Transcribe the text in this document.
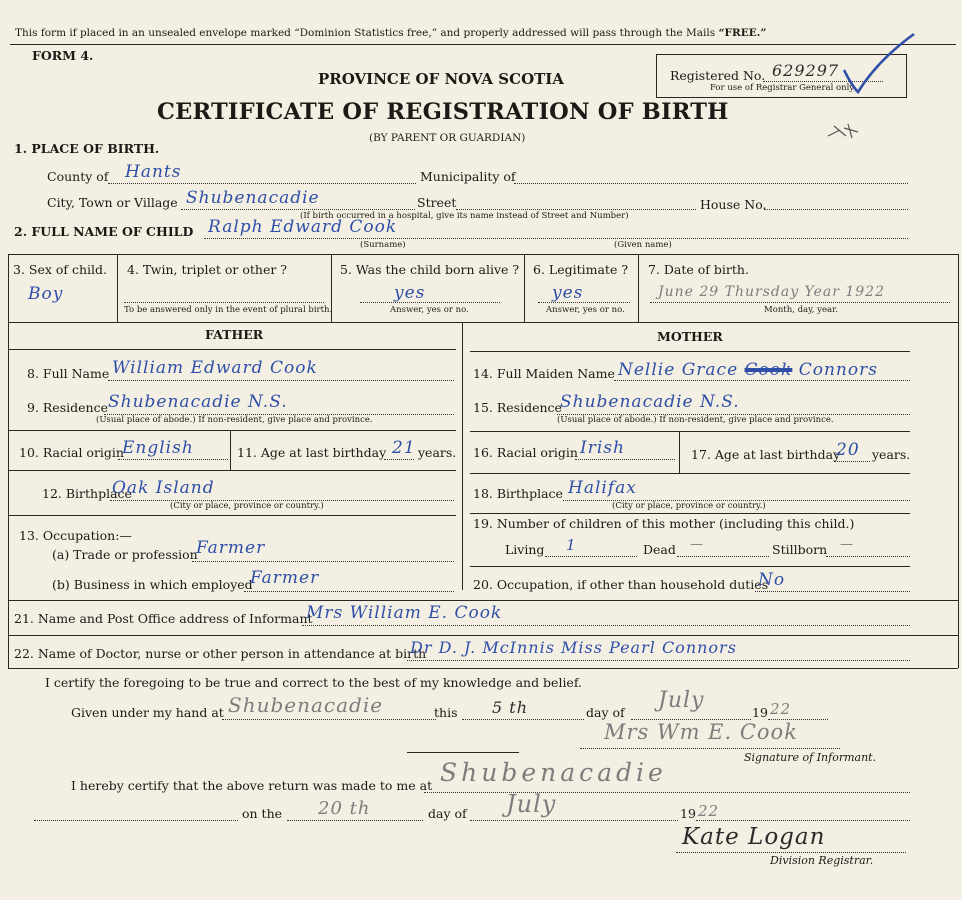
This form if placed in an unsealed envelope marked “Dominion Statistics free,” and properly addressed will pass through the Mails “FREE.”
FORM 4.
PROVINCE OF NOVA SCOTIA
CERTIFICATE OF REGISTRATION OF BIRTH
(BY PARENT OR GUARDIAN)
Registered No. 629297
For use of Registrar General only
1. PLACE OF BIRTH.
County of Hants	Municipality of
City, Town or Village Shubenacadie	Street	House No.
(If birth occurred in a hospital, give its name instead of Street and Number)
2. FULL NAME OF CHILD Ralph Edward Cook
(Surname)	(Given name)
3. Sex of child.
Boy
4. Twin, triplet or other ?
To be answered only in the event of plural birth.
5. Was the child born alive ?
yes
Answer, yes or no.
6. Legitimate ?
yes
Answer, yes or no.
7. Date of birth.
June 29 Thursday Year 1922
Month, day, year.
FATHER	MOTHER
8. Full Name William Edward Cook
9. Residence Shubenacadie N.S.
(Usual place of abode.) If non-resident, give place and province.
10. Racial origin
English	11. Age at last birthday 21 years.
12. Birthplace
Oak Island
(City or place, province or country.)
13. Occupation:—
(a) Trade or profession
Farmer
(b) Business in which employed
Farmer
14. Full Maiden Name Nellie Grace Cook Connors
15. Residence
Shubenacadie N.S.
(Usual place of abode.) If non-resident, give place and province.
16. Racial origin Irish	17. Age at last birthday
20 years.
18. Birthplace Halifax
(City or place, province or country.)
19. Number of children of this mother (including this child.)
Living 1	Dead —	Stillborn —
20. Occupation, if other than household duties
No
21. Name and Post Office address of Informant
Mrs William E. Cook
22. Name of Doctor, nurse or other person in attendance at birth
Dr D. J. McInnis Miss Pearl Connors
I certify the foregoing to be true and correct to the best of my knowledge and belief.
Given under my hand at Shubenacadie	this 5 th	day of July	19 22
Mrs Wm E. Cook
Signature of Informant.
I hereby certify that the above return was made to me at Shubenacadie
on the 20 th	day of July	19 22
Kate Logan
Division Registrar.
